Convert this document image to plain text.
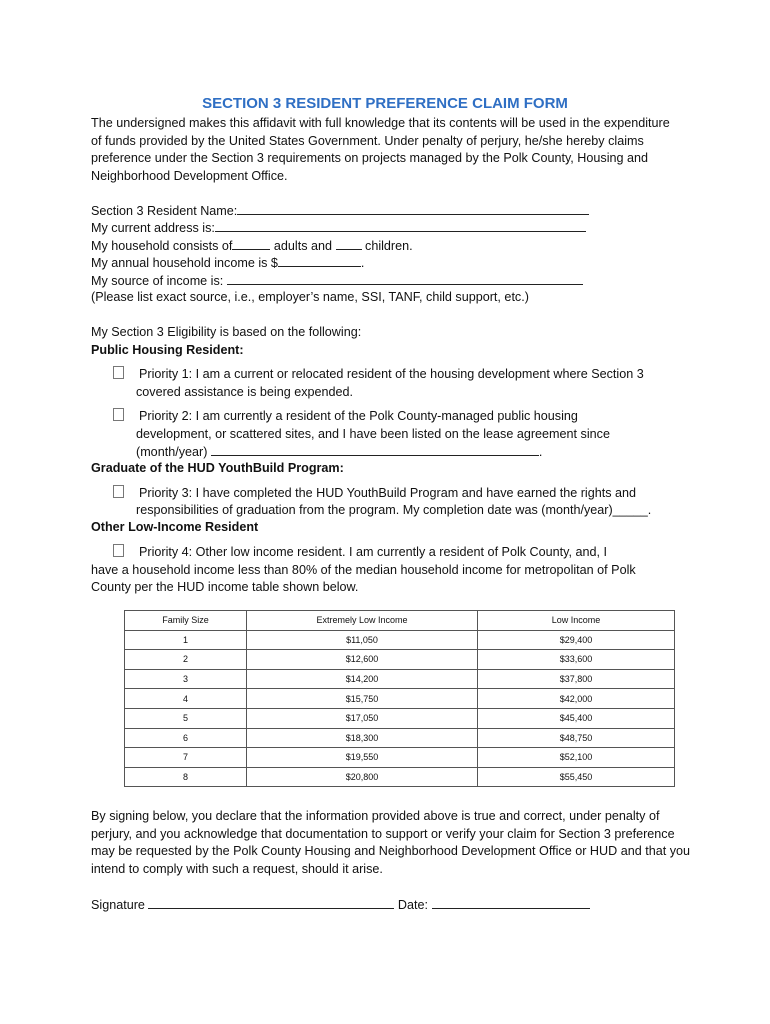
SECTION 3 RESIDENT PREFERENCE CLAIM FORM
The undersigned makes this affidavit with full knowledge that its contents will be used in the expenditure of funds provided by the United States Government. Under penalty of perjury, he/she hereby claims preference under the Section 3 requirements on projects managed by the Polk County, Housing and Neighborhood Development Office.
Section 3 Resident Name:
My current address is:
My household consists of	adults and	children.
My annual household income is $	.
My source of income is:
(Please list exact source, i.e., employer’s name, SSI, TANF, child support, etc.)
My Section 3 Eligibility is based on the following:
Public Housing Resident:
Priority 1: I am a current or relocated resident of the housing development where Section 3 covered assistance is being expended.
Priority 2: I am currently a resident of the Polk County-managed public housing development, or scattered sites, and I have been listed on the lease agreement since
(month/year)	.
Graduate of the HUD YouthBuild Program:
Priority 3: I have completed the HUD YouthBuild Program and have earned the rights and
responsibilities of graduation from the program. My completion date was (month/year)_____.
Other Low-Income Resident
Priority 4: Other low income resident. I am currently a resident of Polk County, and, I
have a household income less than 80% of the median household income for metropolitan of Polk
County per the HUD income table shown below.
Family Size	Extremely Low Income	Low Income
1	$11,050	$29,400
2	$12,600	$33,600
3	$14,200	$37,800
4	$15,750	$42,000
5	$17,050	$45,400
6	$18,300	$48,750
7	$19,550	$52,100
8	$20,800	$55,450
By signing below, you declare that the information provided above is true and correct, under penalty of perjury, and you acknowledge that documentation to support or verify your claim for Section 3 preference may be requested by the Polk County Housing and Neighborhood Development Office or HUD and that you intend to comply with such a request, should it arise.
Signature	Date:
